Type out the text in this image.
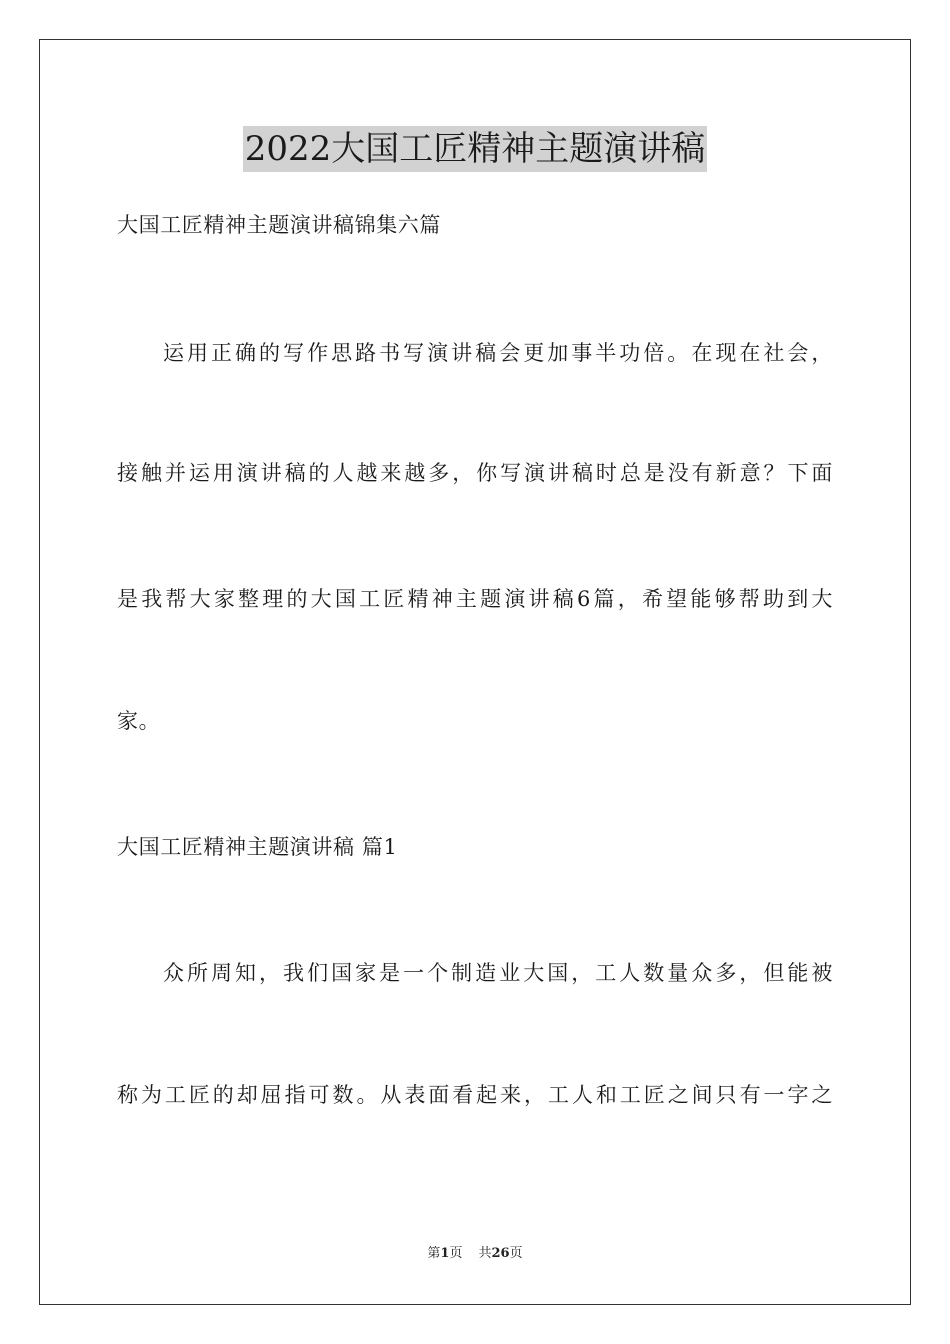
2022大国工匠精神主题演讲稿
大国工匠精神主题演讲稿锦集六篇
运用正确的写作思路书写演讲稿会更加事半功倍。在现在社会，
接触并运用演讲稿的人越来越多，你写演讲稿时总是没有新意？下面
是我帮大家整理的大国工匠精神主题演讲稿6篇，希望能够帮助到大
家。
大国工匠精神主题演讲稿 篇1
众所周知，我们国家是一个制造业大国，工人数量众多，但能被
称为工匠的却屈指可数。从表面看起来，工人和工匠之间只有一字之
第1页 共26页
